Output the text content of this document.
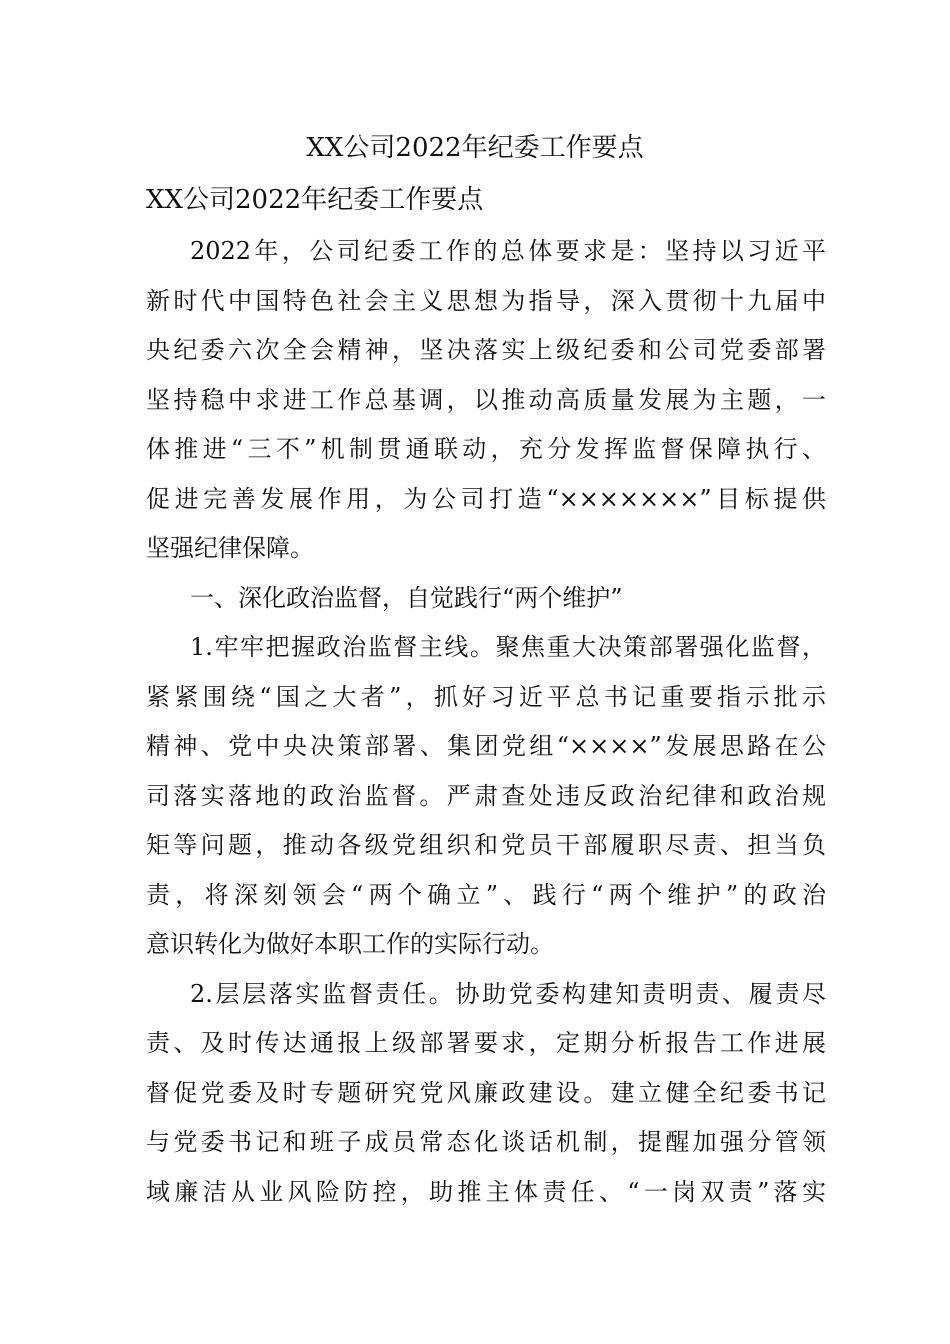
XX公司2022年纪委工作要点
XX公司2022年纪委工作要点
2022年，公司纪委工作的总体要求是：坚持以习近平
新时代中国特色社会主义思想为指导，深入贯彻十九届中
央纪委六次全会精神，坚决落实上级纪委和公司党委部署
坚持稳中求进工作总基调，以推动高质量发展为主题，一
体推进“三不”机制贯通联动，充分发挥监督保障执行、
促进完善发展作用，为公司打造“×××××××”目标提供
坚强纪律保障。
一、深化政治监督，自觉践行“两个维护”
1.牢牢把握政治监督主线。聚焦重大决策部署强化监督，
紧紧围绕“国之大者”，抓好习近平总书记重要指示批示
精神、党中央决策部署、集团党组“××××”发展思路在公
司落实落地的政治监督。严肃查处违反政治纪律和政治规
矩等问题，推动各级党组织和党员干部履职尽责、担当负
责，将深刻领会“两个确立”、践行“两个维护”的政治
意识转化为做好本职工作的实际行动。
2.层层落实监督责任。协助党委构建知责明责、履责尽
责、及时传达通报上级部署要求，定期分析报告工作进展
督促党委及时专题研究党风廉政建设。建立健全纪委书记
与党委书记和班子成员常态化谈话机制，提醒加强分管领
域廉洁从业风险防控，助推主体责任、“一岗双责”落实
